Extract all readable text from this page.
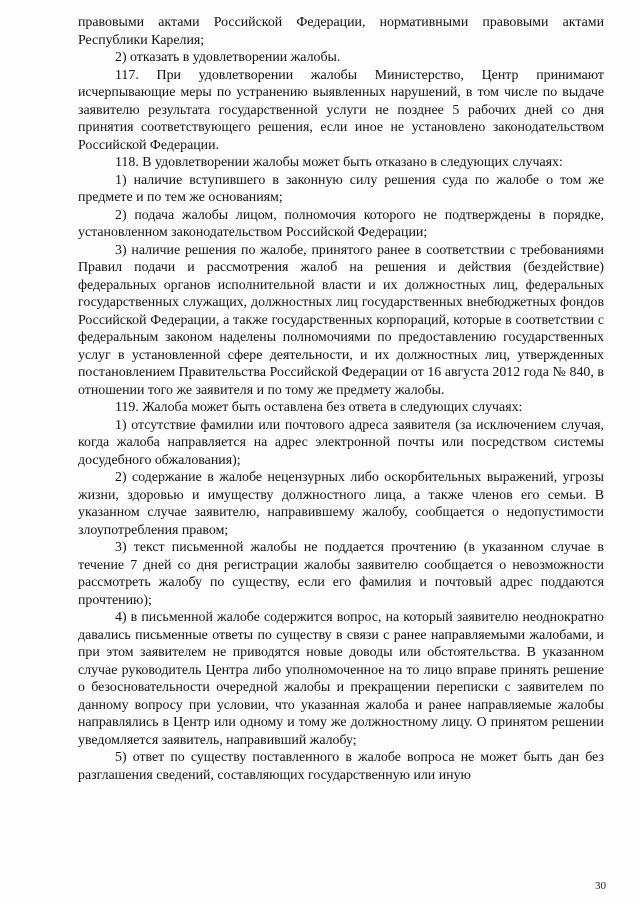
правовыми актами Российской Федерации, нормативными правовыми актами Республики Карелия;

2) отказать в удовлетворении жалобы.

117. При удовлетворении жалобы Министерство, Центр принимают исчерпывающие меры по устранению выявленных нарушений, в том числе по выдаче заявителю результата государственной услуги не позднее 5 рабочих дней со дня принятия соответствующего решения, если иное не установлено законодательством Российской Федерации.

118. В удовлетворении жалобы может быть отказано в следующих случаях:

1) наличие вступившего в законную силу решения суда по жалобе о том же предмете и по тем же основаниям;

2) подача жалобы лицом, полномочия которого не подтверждены в порядке, установленном законодательством Российской Федерации;

3) наличие решения по жалобе, принятого ранее в соответствии с требованиями Правил подачи и рассмотрения жалоб на решения и действия (бездействие) федеральных органов исполнительной власти и их должностных лиц, федеральных государственных служащих, должностных лиц государственных внебюджетных фондов Российской Федерации, а также государственных корпораций, которые в соответствии с федеральным законом наделены полномочиями по предоставлению государственных услуг в установленной сфере деятельности, и их должностных лиц, утвержденных постановлением Правительства Российской Федерации от 16 августа 2012 года № 840, в отношении того же заявителя и по тому же предмету жалобы.

119. Жалоба может быть оставлена без ответа в следующих случаях:

1) отсутствие фамилии или почтового адреса заявителя (за исключением случая, когда жалоба направляется на адрес электронной почты или посредством системы досудебного обжалования);

2) содержание в жалобе нецензурных либо оскорбительных выражений, угрозы жизни, здоровью и имуществу должностного лица, а также членов его семьи. В указанном случае заявителю, направившему жалобу, сообщается о недопустимости злоупотребления правом;

3) текст письменной жалобы не поддается прочтению (в указанном случае в течение 7 дней со дня регистрации жалобы заявителю сообщается о невозможности рассмотреть жалобу по существу, если его фамилия и почтовый адрес поддаются прочтению);

4) в письменной жалобе содержится вопрос, на который заявителю неоднократно давались письменные ответы по существу в связи с ранее направляемыми жалобами, и при этом заявителем не приводятся новые доводы или обстоятельства. В указанном случае руководитель Центра либо уполномоченное на то лицо вправе принять решение о безосновательности очередной жалобы и прекращении переписки с заявителем по данному вопросу при условии, что указанная жалоба и ранее направляемые жалобы направлялись в Центр или одному и тому же должностному лицу. О принятом решении уведомляется заявитель, направивший жалобу;

5) ответ по существу поставленного в жалобе вопроса не может быть дан без разглашения сведений, составляющих государственную или иную

30
